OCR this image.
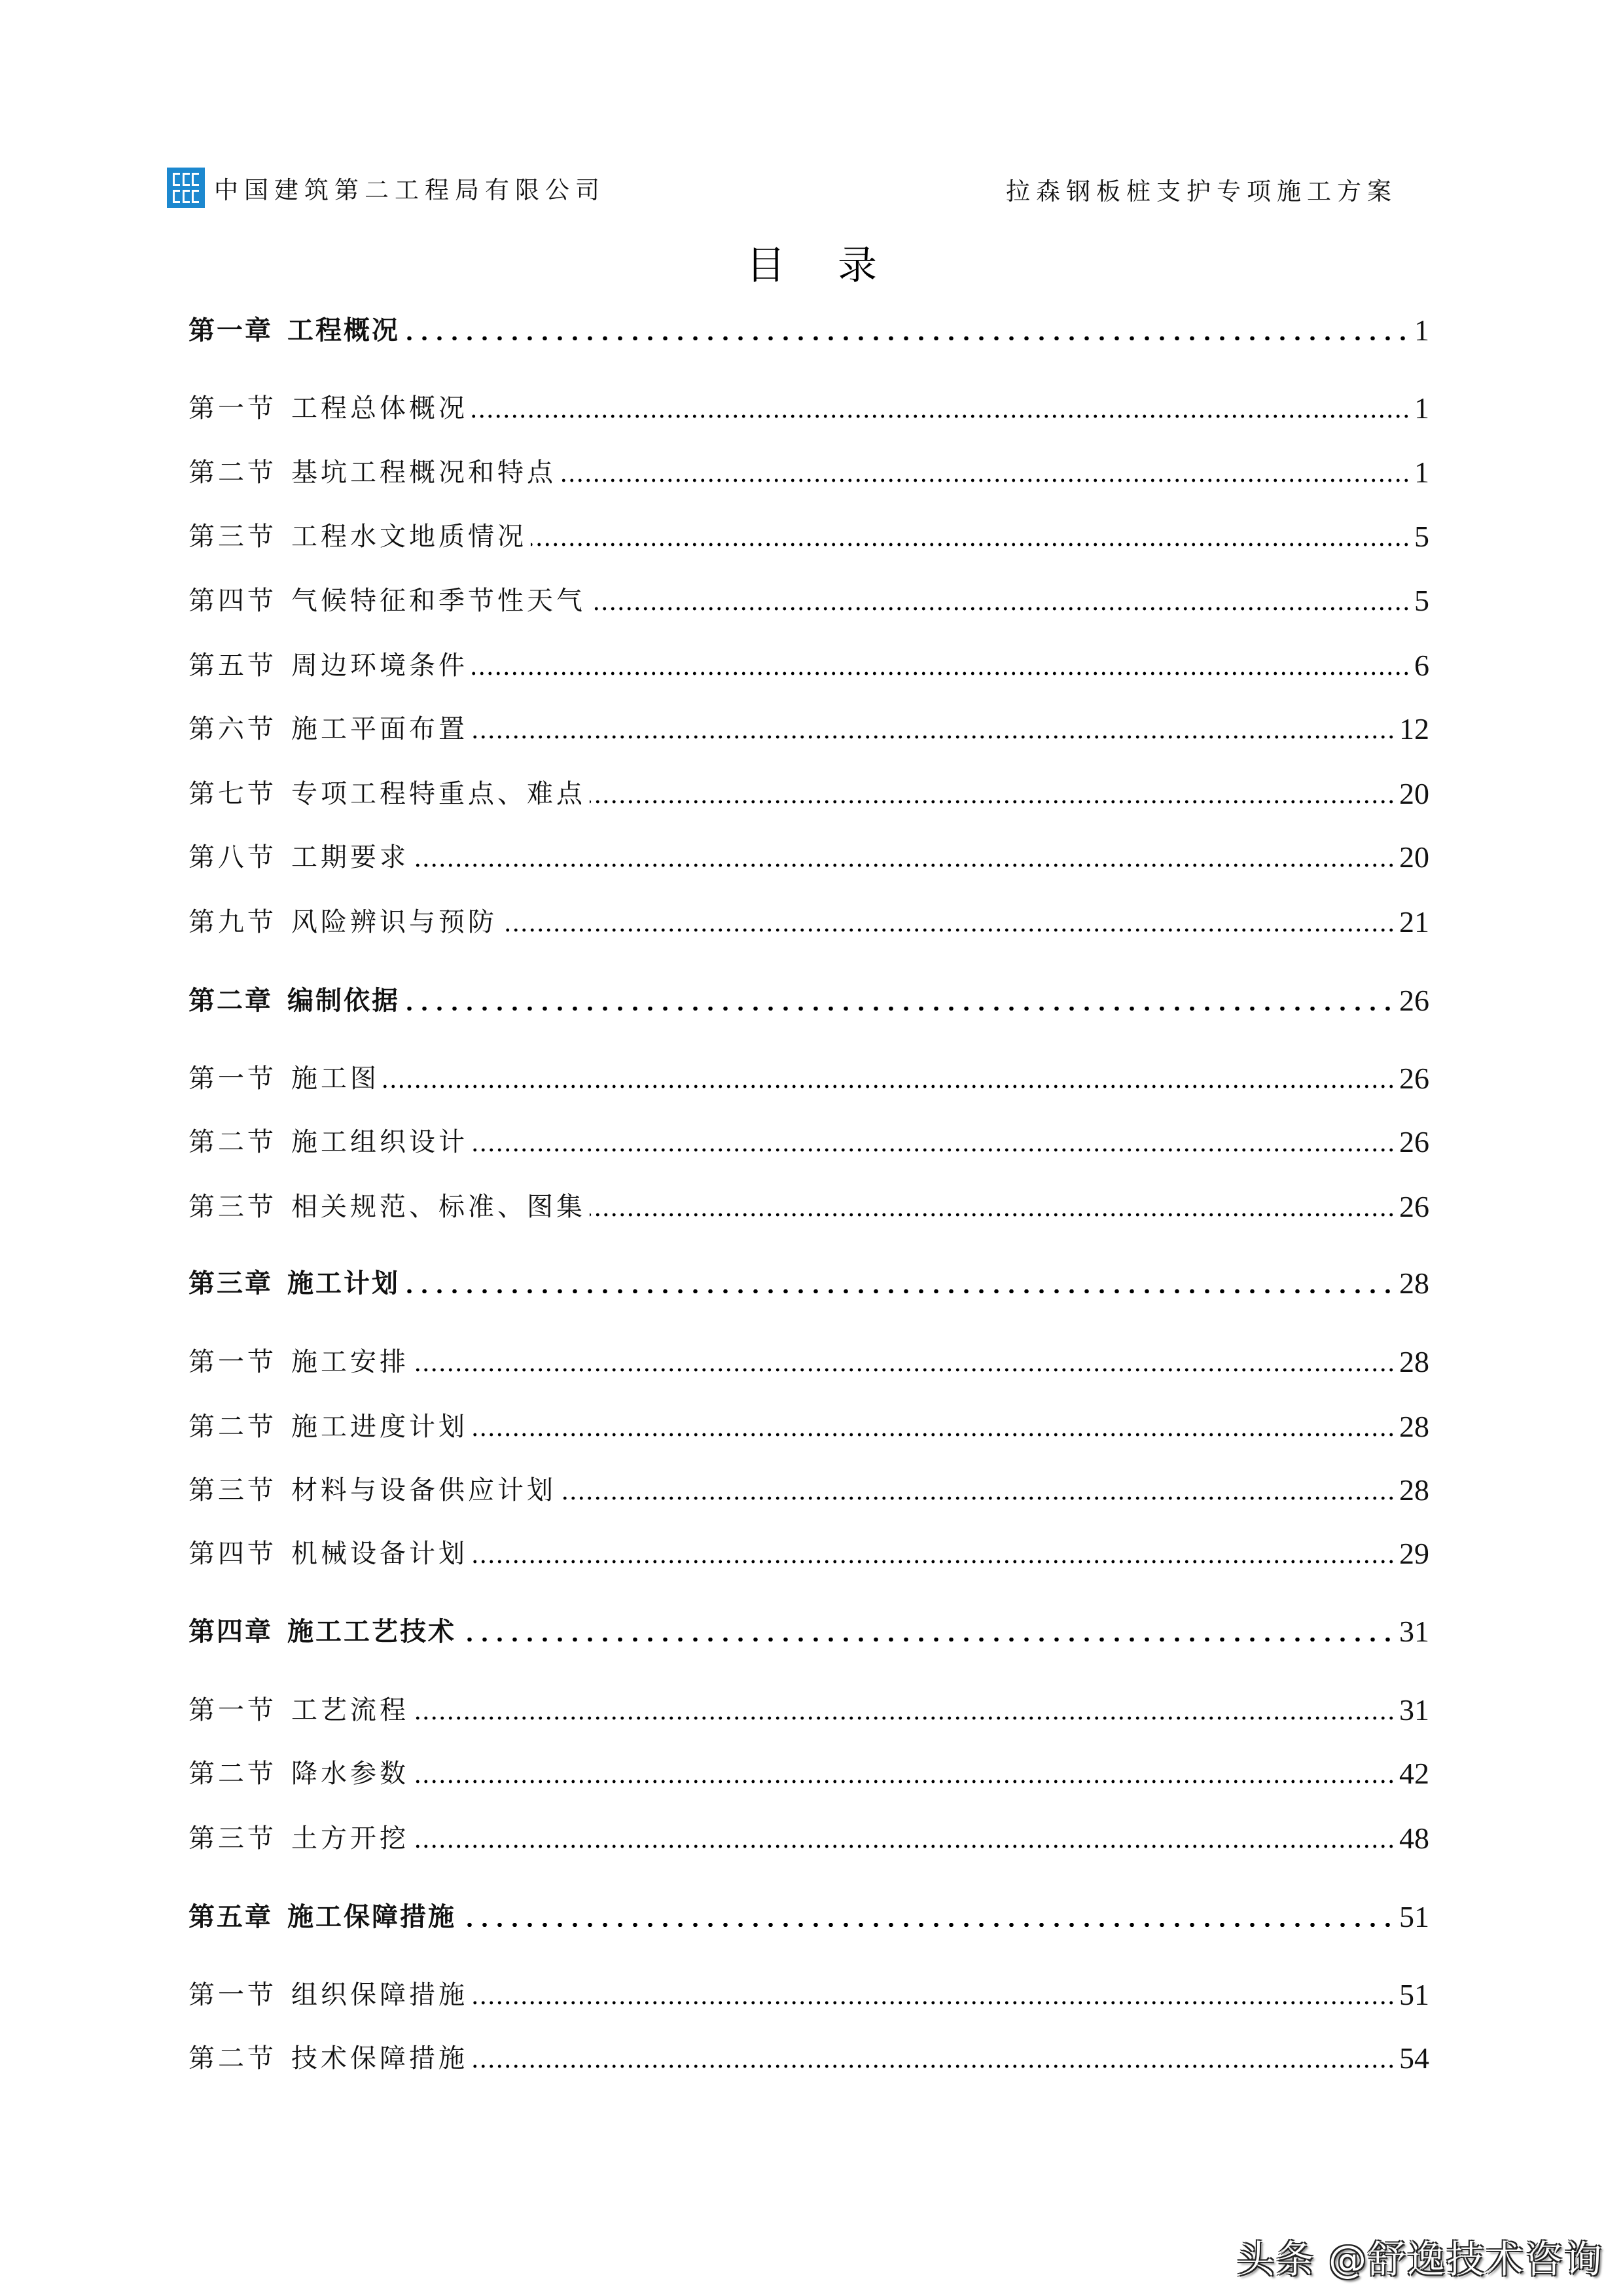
中国建筑第二工程局有限公司	拉森钢板桩支护专项施工方案
目 录
第一章 工程概况	1
第一节 工程总体概况	1
第二节 基坑工程概况和特点	1
第三节 工程水文地质情况	5
第四节 气候特征和季节性天气	5
第五节 周边环境条件	6
第六节 施工平面布置	12
第七节 专项工程特重点、难点	20
第八节 工期要求	20
第九节 风险辨识与预防	21
第二章 编制依据	26
第一节 施工图	26
第二节 施工组织设计	26
第三节 相关规范、标准、图集	26
第三章 施工计划	28
第一节 施工安排	28
第二节 施工进度计划	28
第三节 材料与设备供应计划	28
第四节 机械设备计划	29
第四章 施工工艺技术	31
第一节 工艺流程	31
第二节 降水参数	42
第三节 土方开挖	48
第五章 施工保障措施	51
第一节 组织保障措施	51
第二节 技术保障措施	54
头条 @舒逸技术咨询
